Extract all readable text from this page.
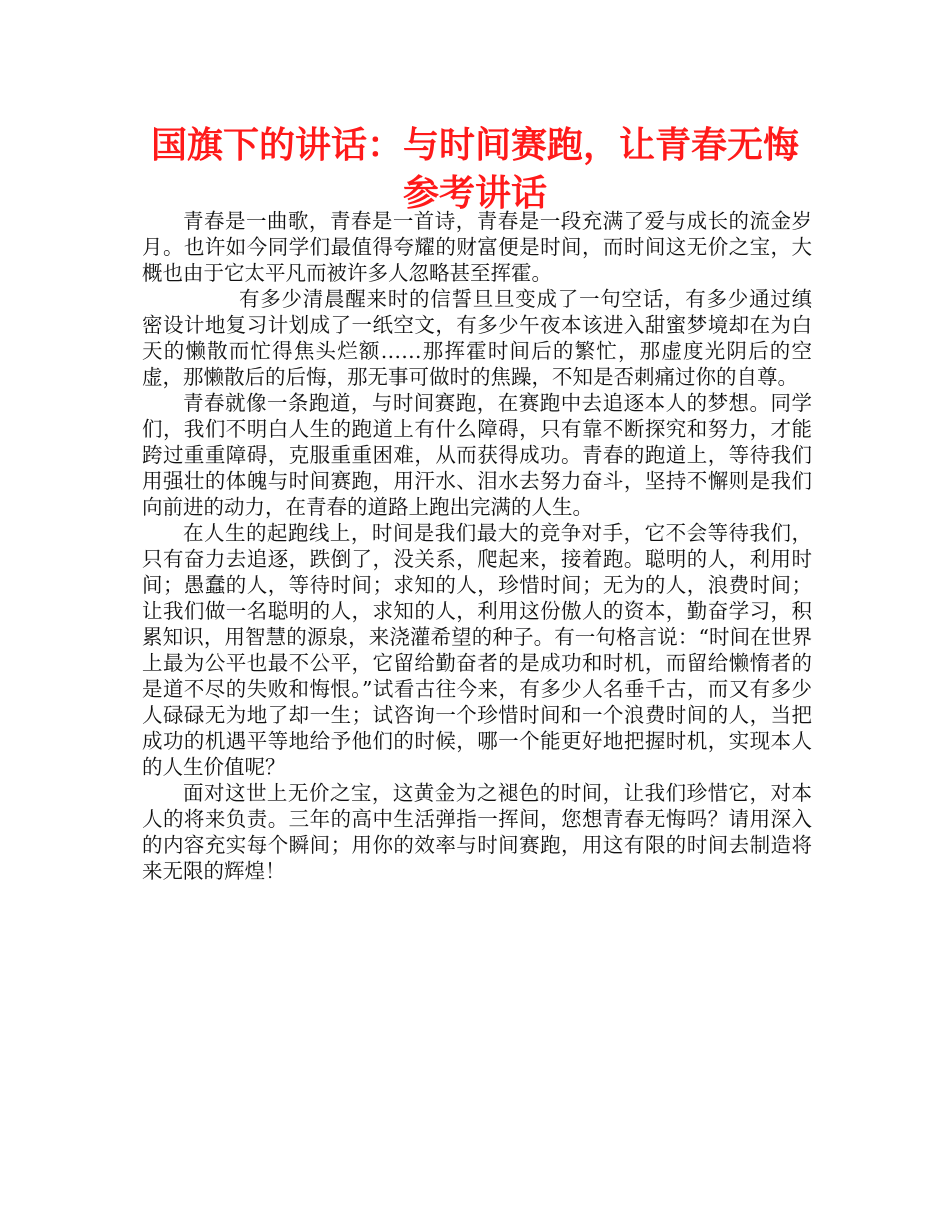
国旗下的讲话：与时间赛跑，让青春无悔
参考讲话

青春是一曲歌，青春是一首诗，青春是一段充满了爱与成长的流金岁月。也许如今同学们最值得夸耀的财富便是时间，而时间这无价之宝，大概也由于它太平凡而被许多人忽略甚至挥霍。

有多少清晨醒来时的信誓旦旦变成了一句空话，有多少通过缜密设计地复习计划成了一纸空文，有多少午夜本该进入甜蜜梦境却在为白天的懒散而忙得焦头烂额……那挥霍时间后的繁忙，那虚度光阴后的空虚，那懒散后的后悔，那无事可做时的焦躁，不知是否刺痛过你的自尊。

青春就像一条跑道，与时间赛跑，在赛跑中去追逐本人的梦想。同学们，我们不明白人生的跑道上有什么障碍，只有靠不断探究和努力，才能跨过重重障碍，克服重重困难，从而获得成功。青春的跑道上，等待我们用强壮的体魄与时间赛跑，用汗水、泪水去努力奋斗，坚持不懈则是我们向前进的动力，在青春的道路上跑出完满的人生。

在人生的起跑线上，时间是我们最大的竞争对手，它不会等待我们，只有奋力去追逐，跌倒了，没关系，爬起来，接着跑。聪明的人，利用时间；愚蠢的人，等待时间；求知的人，珍惜时间；无为的人，浪费时间；让我们做一名聪明的人，求知的人，利用这份傲人的资本，勤奋学习，积累知识，用智慧的源泉，来浇灌希望的种子。有一句格言说：“时间在世界上最为公平也最不公平，它留给勤奋者的是成功和时机，而留给懒惰者的是道不尽的失败和悔恨。”试看古往今来，有多少人名垂千古，而又有多少人碌碌无为地了却一生；试咨询一个珍惜时间和一个浪费时间的人，当把成功的机遇平等地给予他们的时候，哪一个能更好地把握时机，实现本人的人生价值呢？

面对这世上无价之宝，这黄金为之褪色的时间，让我们珍惜它，对本人的将来负责。三年的高中生活弹指一挥间，您想青春无悔吗？请用深入的内容充实每个瞬间；用你的效率与时间赛跑，用这有限的时间去制造将来无限的辉煌！
